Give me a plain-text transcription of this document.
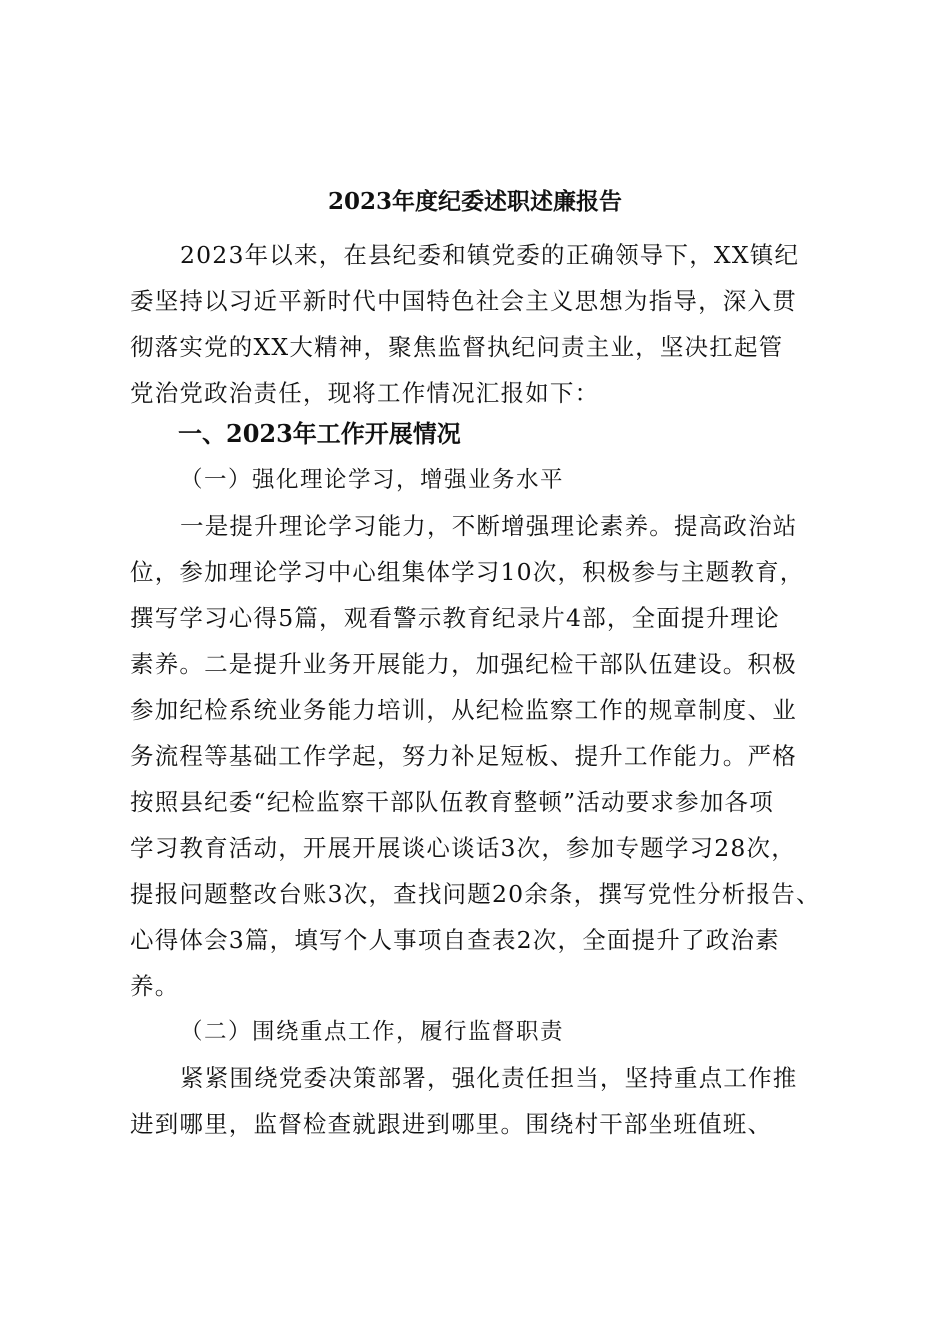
2023年度纪委述职述廉报告
2023年以来，在县纪委和镇党委的正确领导下，XX镇纪
委坚持以习近平新时代中国特色社会主义思想为指导，深入贯
彻落实党的XX大精神，聚焦监督执纪问责主业，坚决扛起管
党治党政治责任，现将工作情况汇报如下：
一、2023年工作开展情况
（一）强化理论学习，增强业务水平
一是提升理论学习能力，不断增强理论素养。提高政治站
位，参加理论学习中心组集体学习10次，积极参与主题教育，
撰写学习心得5篇，观看警示教育纪录片4部，全面提升理论
素养。二是提升业务开展能力，加强纪检干部队伍建设。积极
参加纪检系统业务能力培训，从纪检监察工作的规章制度、业
务流程等基础工作学起，努力补足短板、提升工作能力。严格
按照县纪委“纪检监察干部队伍教育整顿”活动要求参加各项
学习教育活动，开展开展谈心谈话3次，参加专题学习28次，
提报问题整改台账3次，查找问题20余条，撰写党性分析报告、
心得体会3篇，填写个人事项自查表2次，全面提升了政治素
养。
（二）围绕重点工作，履行监督职责
紧紧围绕党委决策部署，强化责任担当，坚持重点工作推
进到哪里，监督检查就跟进到哪里。围绕村干部坐班值班、
